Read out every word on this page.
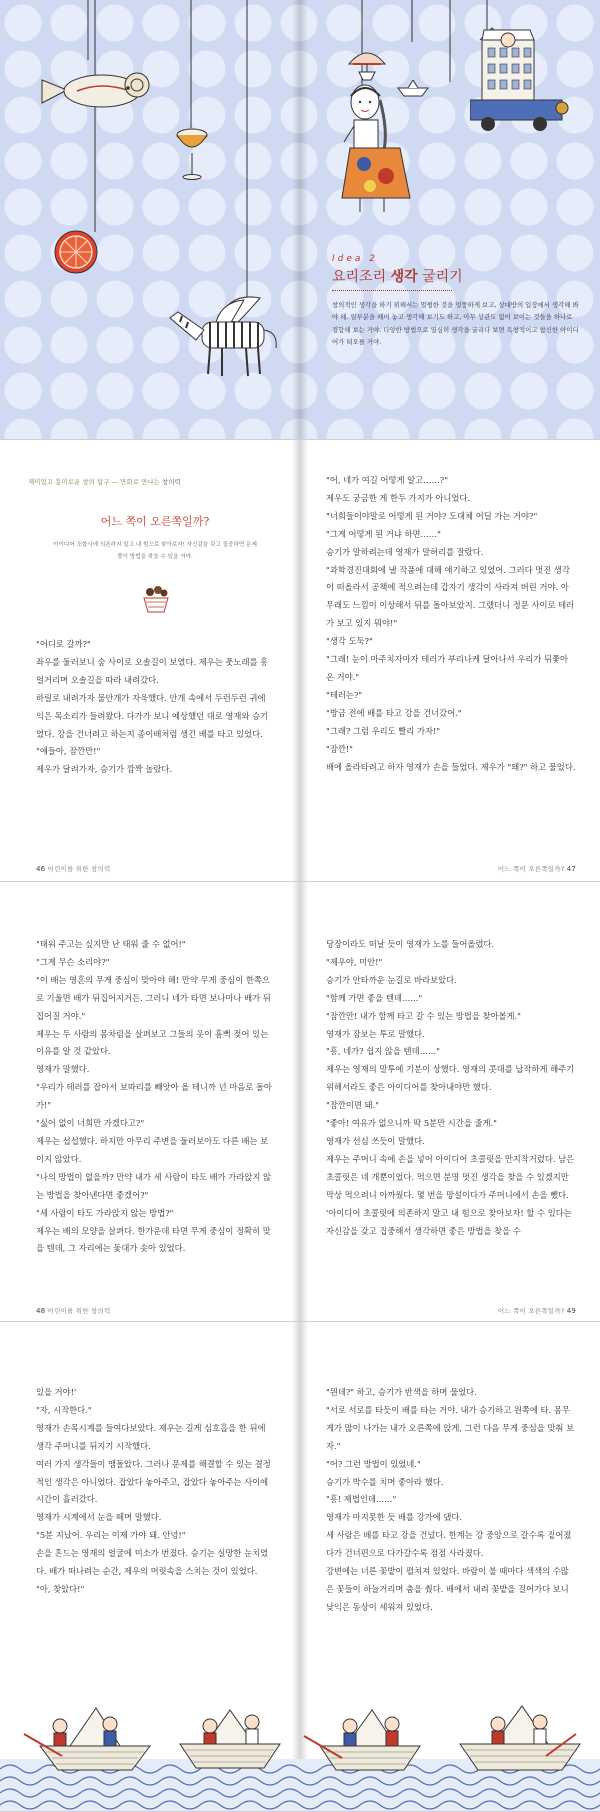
Idea 2
요리조리 생각 굴리기
창의적인 생각을 하기 위해서는 멀쩡한 것을 엉뚱하게 보고, 상대방의 입장에서 생각해 봐야 해. 일부분을 떼어 놓고 생각해 보기도 하고, 아무 상관도 없어 보이는 것들을 하나로 결합해 보는 거야. 다양한 방법으로 열심히 생각을 굴리다 보면 독창적이고 참신한 아이디어가 떠오를 거야.
재미있고 흥미로운 창의 탐구 — 만화로 만나는 창의력
어느 쪽이 오른쪽일까?
아이디어 조합사에 의존하지 말고 내 힘으로 찾아보자! 자신감을 갖고 집중하면 문제 풀이 방법을 찾을 수 있을 거야.

"어디로 갈까?"

좌우를 둘러보니 숲 사이로 오솔길이 보였다. 제우는 풋노래를 흥얼거리며 오솔길을 따라 내려갔다.

하릴로 내려가자 물안개가 자욱했다. 안개 속에서 두런두런 귀에 익은 목소리가 들려왔다. 다가가 보니 예상했던 대로 영재와 승기였다. 강을 건너려고 하는지 종이배처럼 생긴 배를 타고 있었다.

"얘들아, 잠깐만!"

제우가 달려가자, 승기가 깜짝 놀랐다.

46 어린이를 위한 창의력

"어, 네가 여길 어떻게 알고……?"

제우도 궁금한 게 한두 가지가 아니었다.

"너희들이야말로 어떻게 된 거야? 도대체 어딜 가는 거야?"

"그게 어떻게 된 거냐 하면……"

승기가 말하려는데 영재가 말허리를 잘랐다.

"과학경진대회에 낼 작품에 대해 얘기하고 있었어. 그러다 멋진 생각이 떠올라서 공책에 적으려는데 갑자기 생각이 사라져 버린 거야. 아무래도 느낌이 이상해서 뒤를 돌아보았지. 그랬더니 정문 사이로 테러가 보고 있지 뭐야!"

"생각 도둑?"

"그래! 눈이 마주치자마자 테러가 부리나케 달아나서 우리가 뒤쫓아 온 거야."

"테러는?"

"방금 전에 배를 타고 강을 건너갔어."

"그래? 그럼 우리도 빨리 가자!"

"잠깐!"

배에 올라타려고 하자 영재가 손을 들었다. 제우가 "왜?" 하고 물었다.

어느 쪽이 오른쪽일까? 47

"태워 주고는 싶지만 난 태워 줄 수 없어!"

"그게 무슨 소리야?"

"이 배는 영혼의 무게 중심이 맞아야 해! 만약 무게 중심이 한쪽으로 기울면 배가 뒤집어지거든. 그러니 네가 타면 보나마나 배가 뒤집어질 거야."

제우는 두 사람의 몸차림을 살펴보고 그들의 옷이 흠뻑 젖어 있는 이유를 알 것 같았다.

영재가 말했다.

"우리가 테러를 잡아서 보따리를 빼앗아 올 테니까 넌 마음로 돌아가!"

"싫어 없이 너희만 가겠다고?"

제우는 섭섭했다. 하지만 아무리 주변을 둘러보아도 다른 배는 보이지 않았다.

"나의 방법이 없을까? 만약 내가 세 사람이 타도 배가 가라앉지 않는 방법을 찾아낸다면 좋겠어?"

"세 사람이 타도 가라앉지 않는 방법?"

제우는 배의 모양을 살펴다. 한가운데 타면 무게 중심이 정확히 맞을 텐데, 그 자리에는 돛대가 솟아 있었다.

48 어린이를 위한 창의력

당장이라도 떠날 듯이 영재가 노를 들어올렸다.

"제우야, 미안!"

승기가 안타까운 눈길로 바라보았다.

"함께 가면 좋을 텐데……"

"잠깐만! 내가 함께 타고 갈 수 있는 방법을 찾아볼게."

영재가 잠보는 투로 말했다.

"흥, 네가? 쉽지 않을 텐데……"

제우는 영재의 말투에 기분이 상했다. 영재의 콧대를 납작하게 해주기 위해서라도 좋은 아이디어를 찾아내야만 했다.

"잠깐이면 돼."

"좋아! 여유가 없으니까 딱 5분만 시간을 줄게."

영재가 선심 쓰듯이 말했다.

제우는 주머니 속에 손을 넣어 아이디어 초콜릿을 만지작거렸다. 남은 초콜릿은 네 개뿐이었다. 먹으면 분명 멋진 생각을 찾을 수 있겠지만 막상 먹으려니 아까웠다. 몇 번을 망설이다가 주머니에서 손을 뺐다.

'아이디어 초콜릿에 의존하지 말고 내 힘으로 찾아보자! 할 수 있다는 자신감을 갖고 집중해서 생각하면 좋은 방법을 찾을 수

어느 쪽이 오른쪽일까? 49

있을 거야!'

"자, 시작한다."

영재가 손목시계를 들여다보았다. 제우는 길게 심호흡을 한 뒤에 생각 주머니를 뒤지기 시작했다.

여러 가지 생각들이 맴돌았다. 그러나 문제를 해결할 수 있는 결정적인 생각은 아니었다. 잡았다 놓아주고, 잡았다 놓아주는 사이에 시간이 흘러갔다.

영재가 시계에서 눈을 떼며 말했다.

"5분 지났어. 우리는 이제 가야 돼. 안녕!"

손을 흔드는 영재의 얼굴에 미소가 번졌다. 승기는 실망한 눈치였다. 배가 떠나려는 순간, 제우의 머릿속을 스치는 것이 있었다.

"아, 찾았다!"

"뭔데?" 하고, 승기가 반색을 하며 물었다.

"서로 서로를 타듯이 배를 타는 거야. 내가 승기하고 원쪽에 타. 몸무게가 많이 나가는 내가 오른쪽에 앉게, 그런 다음 무게 중심을 맞춰 보자."

"어? 그런 방법이 있었네."

승기가 박수를 치며 좋아라 했다.

"흥! 제법인데……"

영재가 마지못한 듯 배를 강가에 댔다.

세 사람은 배를 타고 강을 건넜다. 한계는 강 중앙으로 갈수록 짙어졌다가 건너편으로 다가갈수록 점점 사라졌다.

강변에는 너른 꽃밭이 펼쳐져 있었다. 바람이 불 때마다 색색의 수많은 꽃들이 하늘거리며 춤을 췄다. 배에서 내려 꽃밭을 걸어가다 보니 낮익은 동상이 세워져 있었다.
